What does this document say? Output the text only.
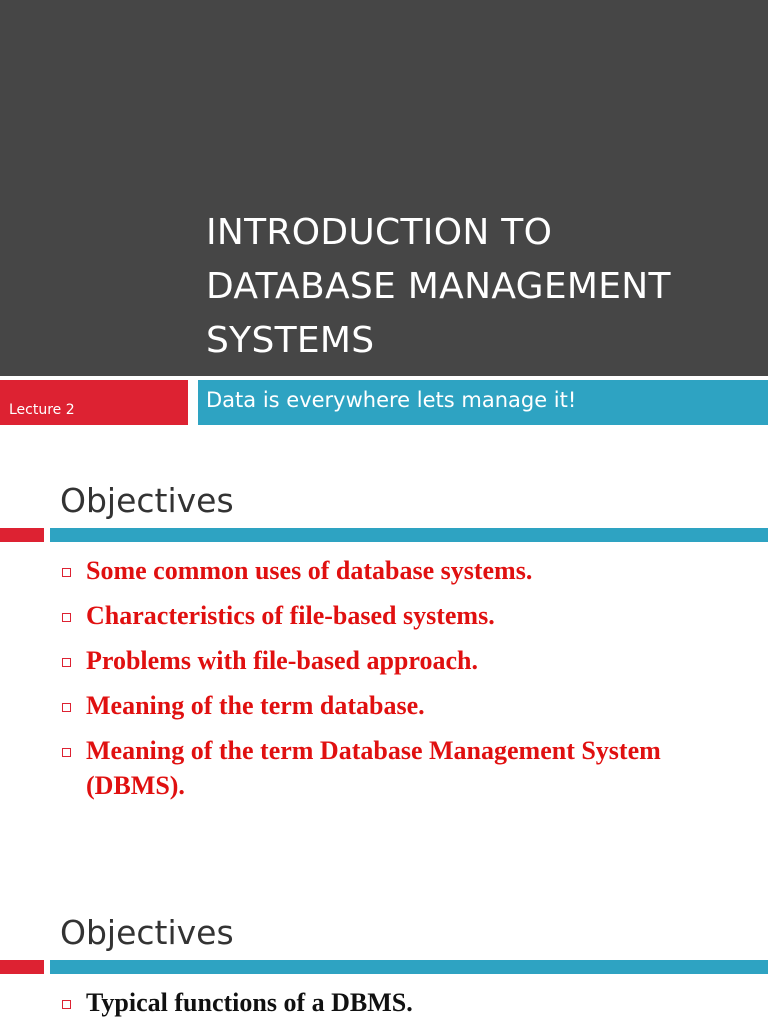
INTRODUCTION TO
DATABASE MANAGEMENT
SYSTEMS
Lecture 2	Data is everywhere lets manage it!
Objectives
Some common uses of database systems.
Characteristics of file-based systems.
Problems with file-based approach.
Meaning of the term database.
Meaning of the term Database Management System (DBMS).
Objectives
Typical functions of a DBMS.
